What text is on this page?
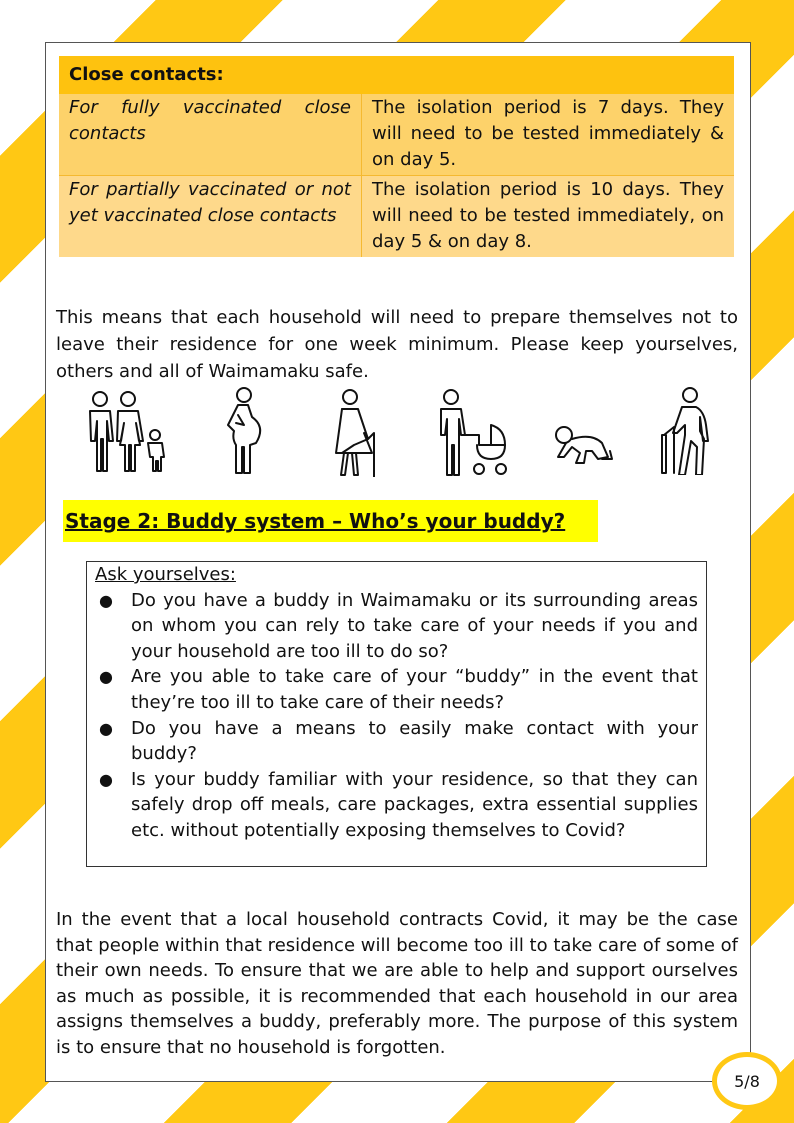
Close contacts:	
For fully vaccinated close contacts	The isolation period is 7 days. They will need to be tested immediately & on day 5.
For partially vaccinated or not yet vaccinated close contacts	The isolation period is 10 days. They will need to be tested immediately, on day 5 & on day 8.

This means that each household will need to prepare themselves not to leave their residence for one week minimum. Please keep yourselves, others and all of Waimamaku safe.

Stage 2: Buddy system – Who’s your buddy?
Ask yourselves:
● Do you have a buddy in Waimamaku or its surrounding areas on whom you can rely to take care of your needs if you and your household are too ill to do so?
● Are you able to take care of your “buddy” in the event that they’re too ill to take care of their needs?
● Do you have a means to easily make contact with your buddy?
● Is your buddy familiar with your residence, so that they can safely drop off meals, care packages, extra essential supplies etc. without potentially exposing themselves to Covid?

In the event that a local household contracts Covid, it may be the case that people within that residence will become too ill to take care of some of their own needs. To ensure that we are able to help and support ourselves as much as possible, it is recommended that each household in our area assigns themselves a buddy, preferably more. The purpose of this system is to ensure that no household is forgotten.

5/8
